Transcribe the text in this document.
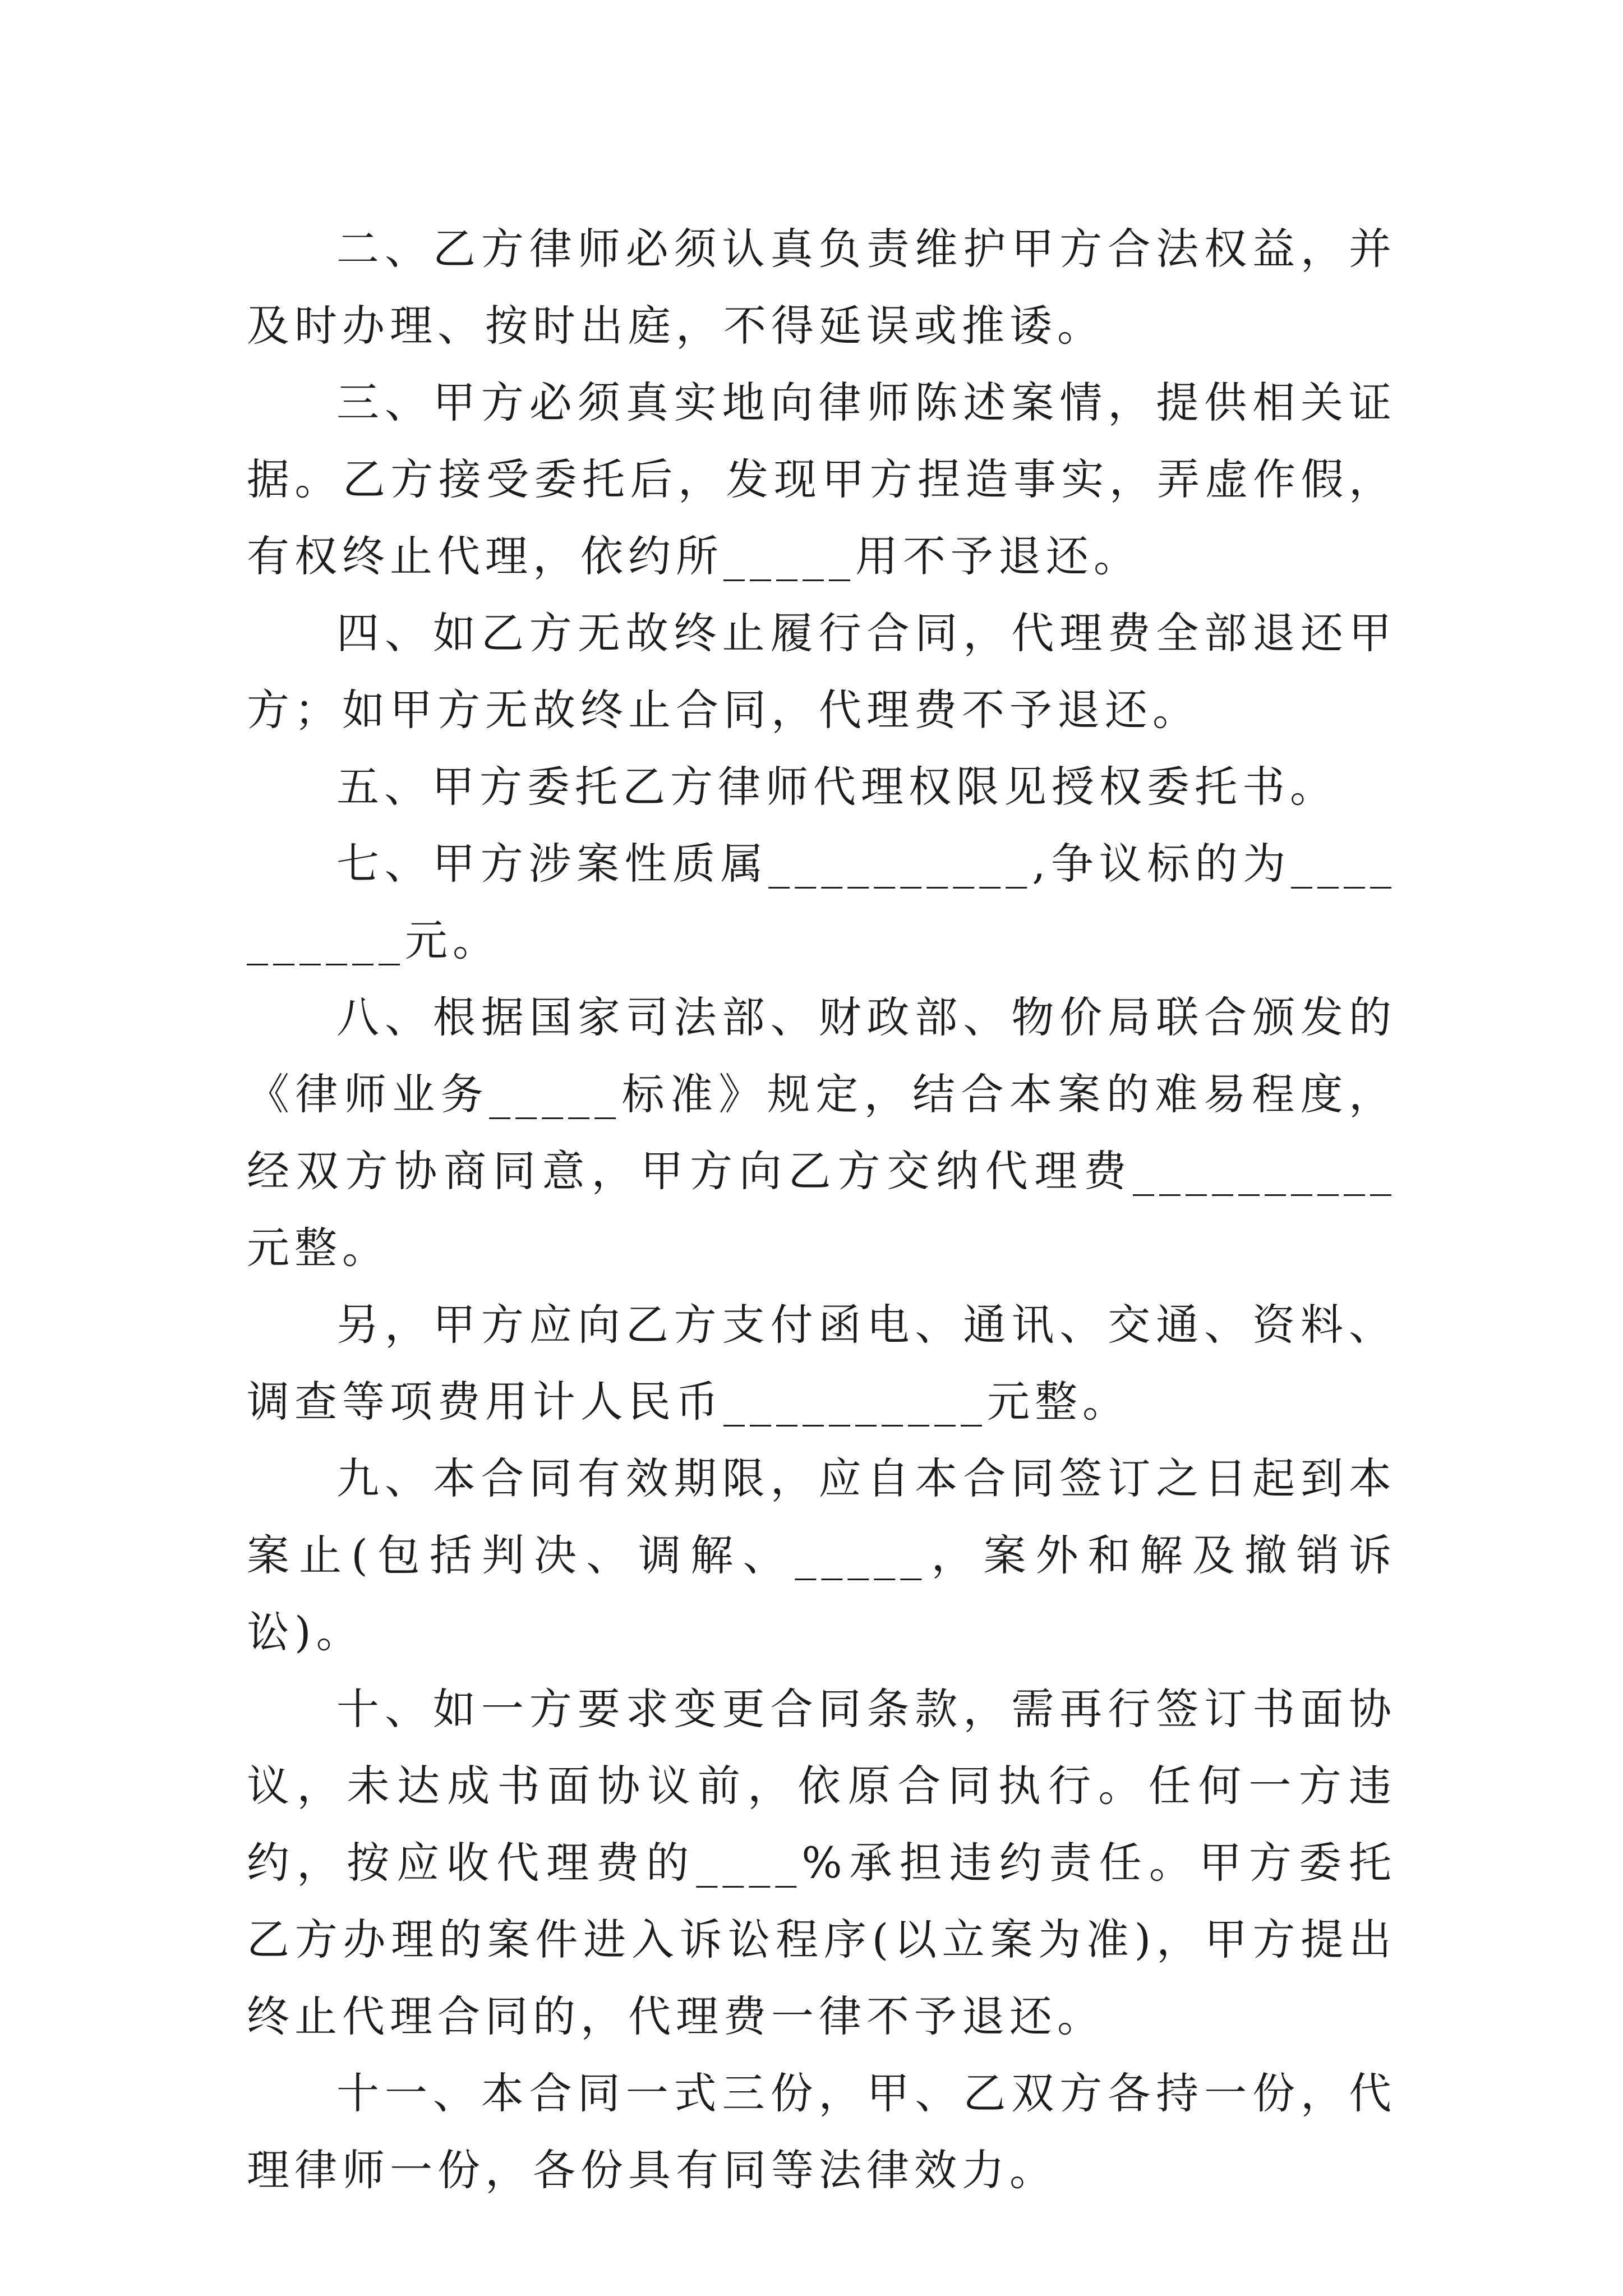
二、乙方律师必须认真负责维护甲方合法权益，并及时办理、按时出庭，不得延误或推诿。

三、甲方必须真实地向律师陈述案情，提供相关证据。乙方接受委托后，发现甲方捏造事实，弄虚作假，有权终止代理，依约所_____用不予退还。

四、如乙方无故终止履行合同，代理费全部退还甲方；如甲方无故终止合同，代理费不予退还。

五、甲方委托乙方律师代理权限见授权委托书。

七、甲方涉案性质属__________,争议标的为__________元。

八、根据国家司法部、财政部、物价局联合颁发的《律师业务_____标准》规定，结合本案的难易程度，经双方协商同意，甲方向乙方交纳代理费__________元整。

另，甲方应向乙方支付函电、通讯、交通、资料、调查等项费用计人民币__________元整。

九、本合同有效期限，应自本合同签订之日起到本案止(包括判决、调解、_____，案外和解及撤销诉讼)。

十、如一方要求变更合同条款，需再行签订书面协议，未达成书面协议前，依原合同执行。任何一方违约，按应收代理费的____%承担违约责任。甲方委托乙方办理的案件进入诉讼程序(以立案为准)，甲方提出终止代理合同的，代理费一律不予退还。

十一、本合同一式三份，甲、乙双方各持一份，代理律师一份，各份具有同等法律效力。
